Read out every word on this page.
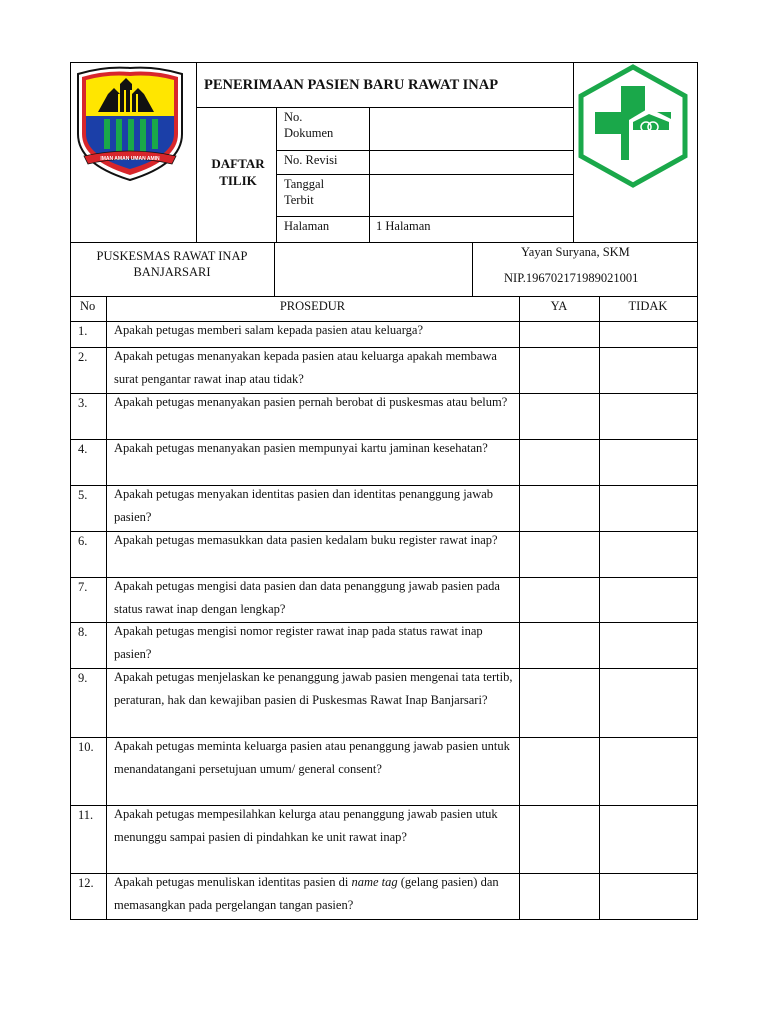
IMAN AMAN UMAN AMIN
PENERIMAAN PASIEN BARU RAWAT INAP
DAFTAR TILIK
No. Dokumen
No. Revisi
Tanggal Terbit
Halaman	1 Halaman
PUSKESMAS RAWAT INAP BANJARSARI
Yayan Suryana, SKM
NIP.196702171989021001
No	PROSEDUR	YA	TIDAK
1. Apakah petugas memberi salam kepada pasien atau keluarga?
2. Apakah petugas menanyakan kepada pasien atau keluarga apakah membawa surat pengantar rawat inap atau tidak?
3. Apakah petugas menanyakan pasien pernah berobat di puskesmas atau belum?
4. Apakah petugas menanyakan pasien mempunyai kartu jaminan kesehatan?
5. Apakah petugas menyakan identitas pasien dan identitas penanggung jawab pasien?
6. Apakah petugas memasukkan data pasien kedalam buku register rawat inap?
7. Apakah petugas mengisi data pasien dan data penanggung jawab pasien pada status rawat inap dengan lengkap?
8. Apakah petugas mengisi nomor register rawat inap pada status rawat inap pasien?
9. Apakah petugas menjelaskan ke penanggung jawab pasien mengenai tata tertib, peraturan, hak dan kewajiban pasien di Puskesmas Rawat Inap Banjarsari?
10. Apakah petugas meminta keluarga pasien atau penanggung jawab pasien untuk menandatangani persetujuan umum/ general consent?
11. Apakah petugas mempesilahkan kelurga atau penanggung jawab pasien utuk menunggu sampai pasien di pindahkan ke unit rawat inap?
12. Apakah petugas menuliskan identitas pasien di name tag (gelang pasien) dan memasangkan pada pergelangan tangan pasien?
